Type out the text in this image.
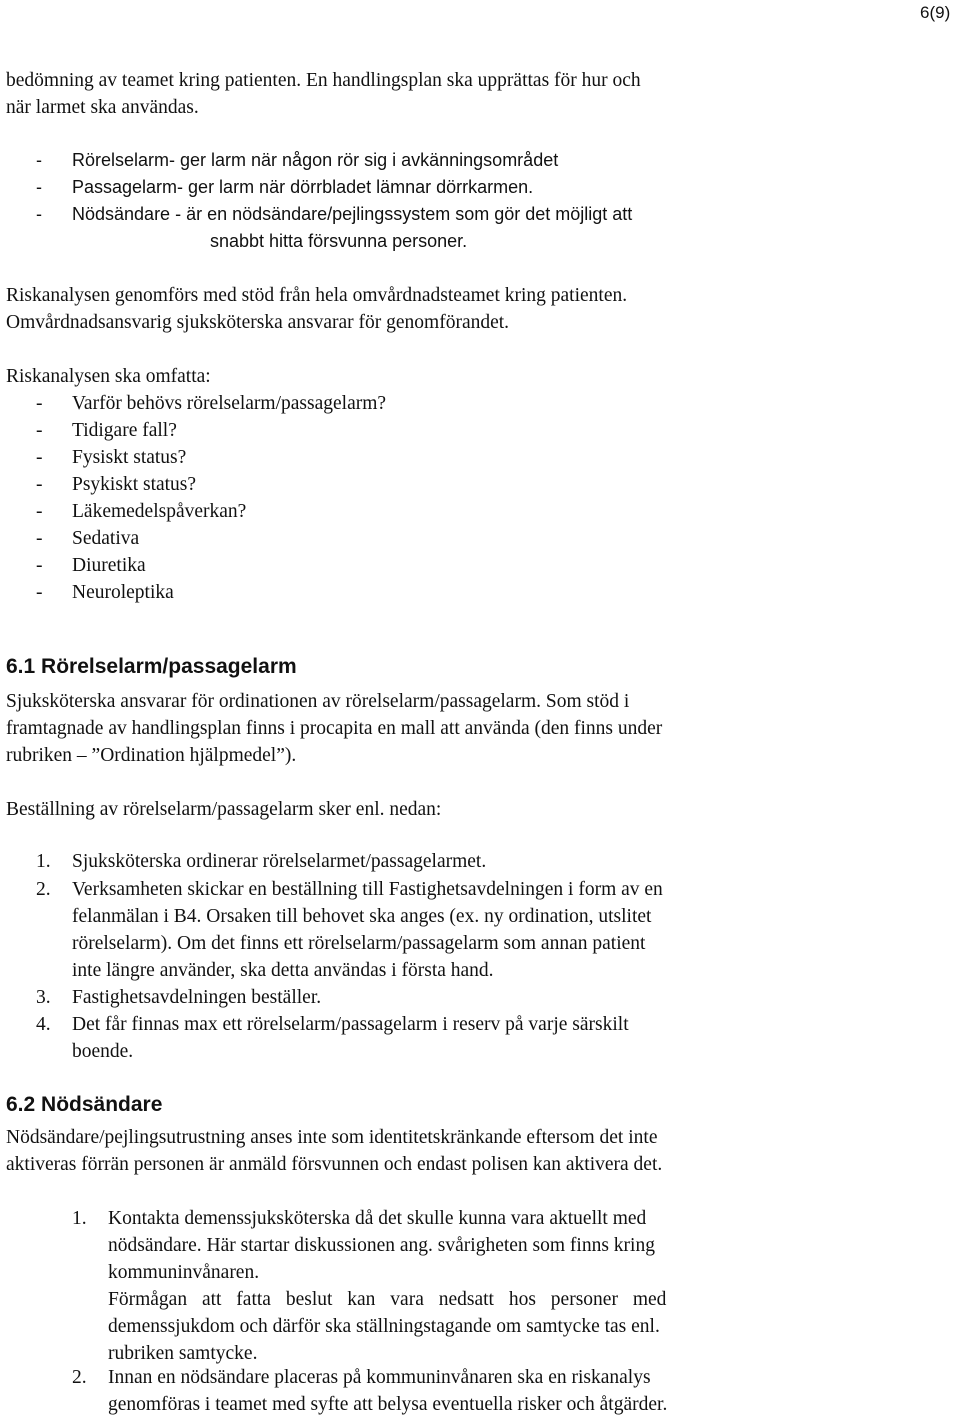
6(9)
bedömning av teamet kring patienten. En handlingsplan ska upprättas för hur och
när larmet ska användas.
- Rörelselarm- ger larm när någon rör sig i avkänningsområdet
- Passagelarm- ger larm när dörrbladet lämnar dörrkarmen.
- Nödsändare - är en nödsändare/pejlingssystem som gör det möjligt att
snabbt hitta försvunna personer.
Riskanalysen genomförs med stöd från hela omvårdnadsteamet kring patienten.
Omvårdnadsansvarig sjuksköterska ansvarar för genomförandet.
Riskanalysen ska omfatta:
- Varför behövs rörelselarm/passagelarm?
- Tidigare fall?
- Fysiskt status?
- Psykiskt status?
- Läkemedelspåverkan?
- Sedativa
- Diuretika
- Neuroleptika
6.1 Rörelselarm/passagelarm
Sjuksköterska ansvarar för ordinationen av rörelselarm/passagelarm. Som stöd i
framtagnade av handlingsplan finns i procapita en mall att använda (den finns under
rubriken – ”Ordination hjälpmedel”).
Beställning av rörelselarm/passagelarm sker enl. nedan:
1. Sjuksköterska ordinerar rörelselarmet/passagelarmet.
2. Verksamheten skickar en beställning till Fastighetsavdelningen i form av en
felanmälan i B4. Orsaken till behovet ska anges (ex. ny ordination, utslitet
rörelselarm). Om det finns ett rörelselarm/passagelarm som annan patient
inte längre använder, ska detta användas i första hand.
3. Fastighetsavdelningen beställer.
4. Det får finnas max ett rörelselarm/passagelarm i reserv på varje särskilt
boende.
6.2 Nödsändare
Nödsändare/pejlingsutrustning anses inte som identitetskränkande eftersom det inte
aktiveras förrän personen är anmäld försvunnen och endast polisen kan aktivera det.
1. Kontakta demenssjuksköterska då det skulle kunna vara aktuellt med
nödsändare. Här startar diskussionen ang. svårigheten som finns kring
kommuninvånaren.
Förmågan att fatta beslut kan vara nedsatt hos personer med
demenssjukdom och därför ska ställningstagande om samtycke tas enl.
rubriken samtycke.
2. Innan en nödsändare placeras på kommuninvånaren ska en riskanalys
genomföras i teamet med syfte att belysa eventuella risker och åtgärder.
